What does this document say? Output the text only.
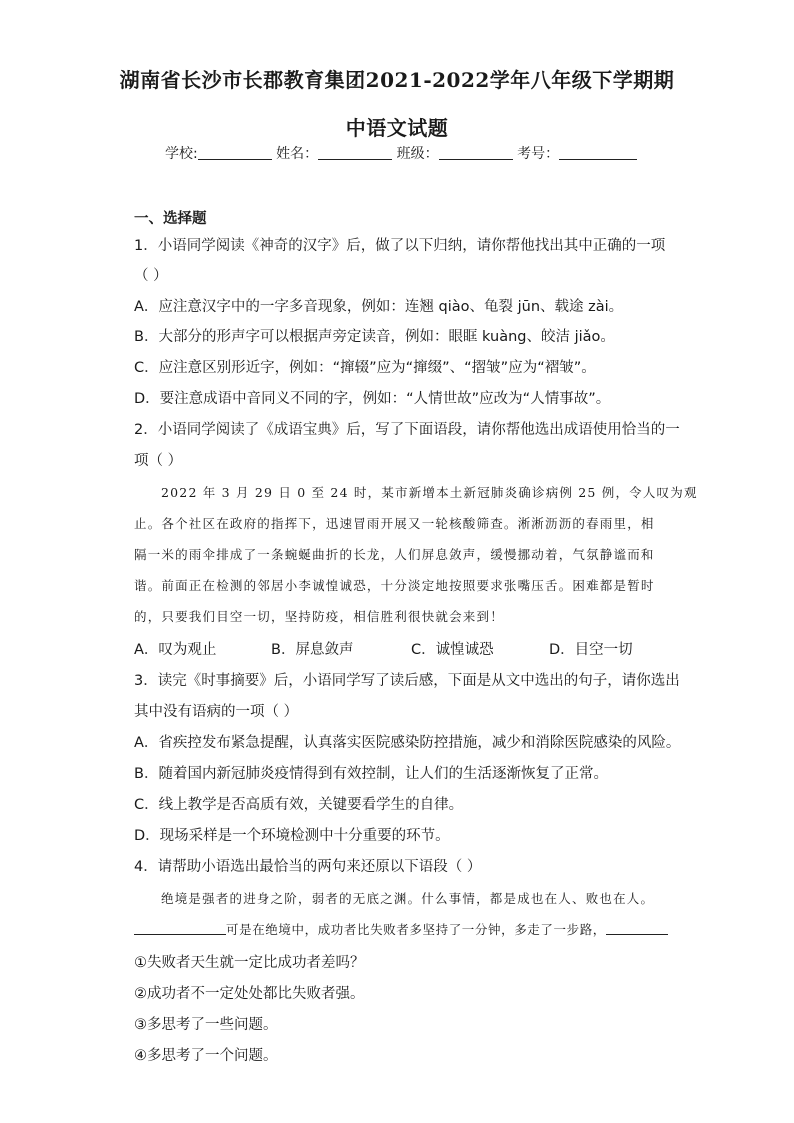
湖南省长沙市长郡教育集团2021-2022学年八年级下学期期
中语文试题
学校:	姓名：	班级：	考号：
一、选择题
1．小语同学阅读《神奇的汉字》后，做了以下归纳，请你帮他找出其中正确的一项
（ ）
A．应注意汉字中的一字多音现象，例如：连翘 qiào、龟裂 jūn、载途 zài。
B．大部分的形声字可以根据声旁定读音，例如：眼眶 kuàng、皎洁 jiǎo。
C．应注意区别形近字，例如：“撺辍”应为“撺缀”、“摺皱”应为“褶皱”。
D．要注意成语中音同义不同的字，例如：“人情世故”应改为“人情事故”。
2．小语同学阅读了《成语宝典》后，写了下面语段，请你帮他选出成语使用恰当的一
项（ ）
2022 年 3 月 29 日 0 至 24 时，某市新增本土新冠肺炎确诊病例 25 例，令人叹为观
止。各个社区在政府的指挥下，迅速冒雨开展又一轮核酸筛查。淅淅沥沥的春雨里，相
隔一米的雨伞排成了一条蜿蜒曲折的长龙，人们屏息敛声，缓慢挪动着，气氛静谧而和
谐。前面正在检测的邻居小李诚惶诚恐，十分淡定地按照要求张嘴压舌。困难都是暂时
的，只要我们目空一切，坚持防疫，相信胜利很快就会来到！
A．叹为观止	B．屏息敛声	C．诚惶诚恐	D．目空一切
3．读完《时事摘要》后，小语同学写了读后感，下面是从文中选出的句子，请你选出
其中没有语病的一项（ ）
A．省疾控发布紧急提醒，认真落实医院感染防控措施，减少和消除医院感染的风险。
B．随着国内新冠肺炎疫情得到有效控制，让人们的生活逐渐恢复了正常。
C．线上教学是否高质有效，关键要看学生的自律。
D．现场采样是一个环境检测中十分重要的环节。
4．请帮助小语选出最恰当的两句来还原以下语段（ ）
绝境是强者的进身之阶，弱者的无底之渊。什么事情，都是成也在人、败也在人。
可是在绝境中，成功者比失败者多坚持了一分钟，多走了一步路，
①失败者天生就一定比成功者差吗？
②成功者不一定处处都比失败者强。
③多思考了一些问题。
④多思考了一个问题。
